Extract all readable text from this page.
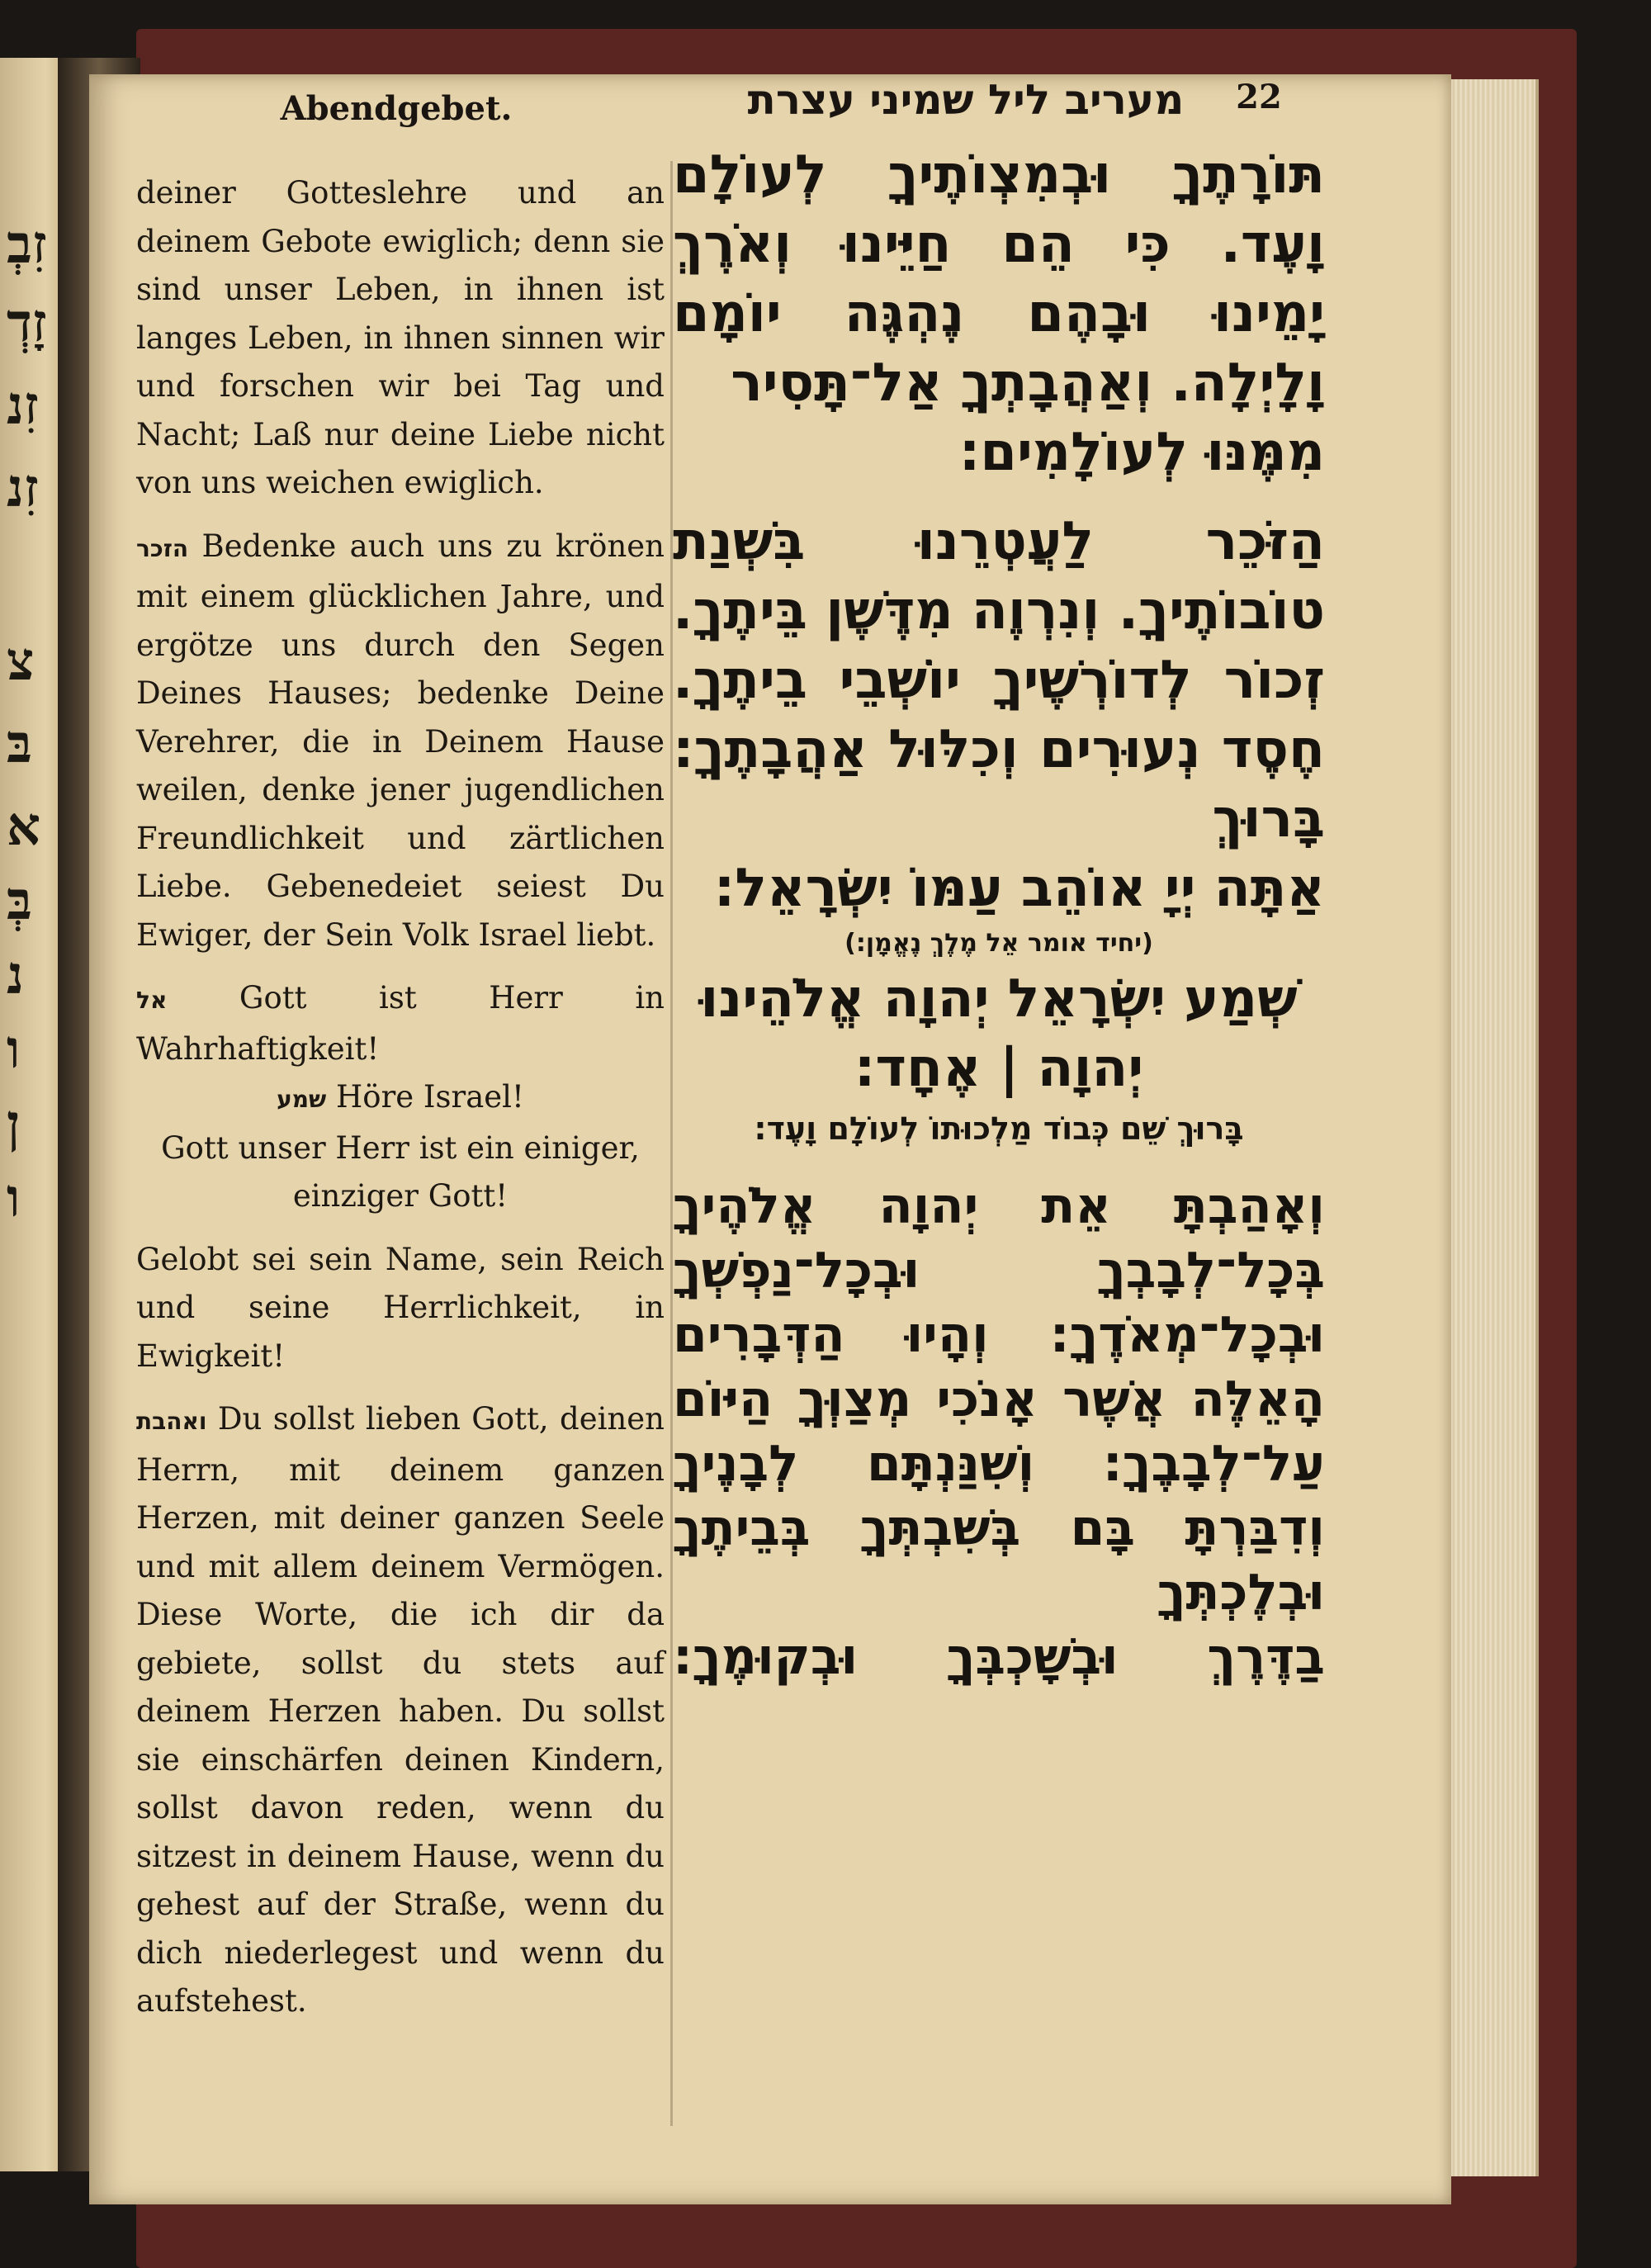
זִבְ
זָדְ
זִנ
זִנ
צ
בּ
א
בְּ
נ
ו
ן
ו
Abendgebet.	מעריב ליל שמיני עצרת	22

deiner Gotteslehre und an deinem Gebote ewiglich; denn sie sind unser Leben, in ihnen ist langes Leben, in ihnen sinnen wir und forschen wir bei Tag und Nacht; Laß nur deine Liebe nicht von uns weichen ewiglich.

הזכר Bedenke auch uns zu krönen mit einem glücklichen Jahre, und ergötze uns durch den Segen Deines Hauses; bedenke Deine Verehrer, die in Deinem Hause weilen, denke jener jugendlichen Freundlichkeit und zärtlichen Liebe. Gebenedeiet seiest Du Ewiger, der Sein Volk Israel liebt.

אל Gott ist Herr in Wahrhaftigkeit!

שמע Höre Israel!

Gott unser Herr ist ein einiger, einziger Gott!

Gelobt sei sein Name, sein Reich und seine Herrlichkeit, in Ewigkeit!

ואהבת Du sollst lieben Gott, deinen Herrn, mit deinem ganzen Herzen, mit deiner ganzen Seele und mit allem deinem Vermögen. Diese Worte, die ich dir da gebiete, sollst du stets auf deinem Herzen haben. Du sollst sie einschärfen deinen Kindern, sollst davon reden, wenn du sitzest in deinem Hause, wenn du gehest auf der Straße, wenn du dich niederlegest und wenn du aufstehest.

תּוֹרָתֶךָ וּבְמִצְוֹתֶיךָ לְעוֹלָם וָעֶד. כִּי הֵם חַיֵּינוּ וְאֹרֶךְ יָמֵינוּ וּבָהֶם נֶהְגֶּה יוֹמָם

וָלָיְלָה. וְאַהֲבָתְךָ אַל־תָּסִיר מִמֶּנּוּ לְעוֹלָמִים:

הַזֹּכֵר לַעֲטְרֵנוּ בִּשְׁנַת טוֹבוֹתֶיךָ. וְנִרְוֶה מִדֶּשֶׁן בֵּיתֶךָ. זְכוֹר לְדוֹרְשֶׁיךָ יוֹשְׁבֵי בֵיתֶךָ. חֶסֶד נְעוּרִים וְכִלּוּל אַהֲבָתֶךָ: בָּרוּךְ

אַתָּה יְיָ אוֹהֵב עַמּוֹ יִשְׂרָאֵל:

(יחיד אומר אֵל מֶלֶךְ נֶאֱמָן:)

שְׁמַע יִשְׂרָאֵל יְהוָה אֱלֹהֵינוּ

יְהוָה | אֶחָד:

בָּרוּךְ שֵׁם כְּבוֹד מַלְכוּתוֹ לְעוֹלָם וָעֶד:

וְאָהַבְתָּ אֵת יְהוָה אֱלֹהֶיךָ בְּכָל־לְבָבְךָ וּבְכָל־נַפְשְׁךָ וּבְכָל־מְאֹדֶךָ: וְהָיוּ הַדְּבָרִים הָאֵלֶּה אֲשֶׁר אָנֹכִי מְצַוְּךָ הַיּוֹם עַל־לְבָבֶךָ: וְשִׁנַּנְתָּם לְבָנֶיךָ וְדִבַּרְתָּ בָּם בְּשִׁבְתְּךָ בְּבֵיתֶךָ וּבְלֶכְתְּךָ

בַדֶּרֶךְ וּבְשָׁכְבְּךָ וּבְקוּמֶךָ:
